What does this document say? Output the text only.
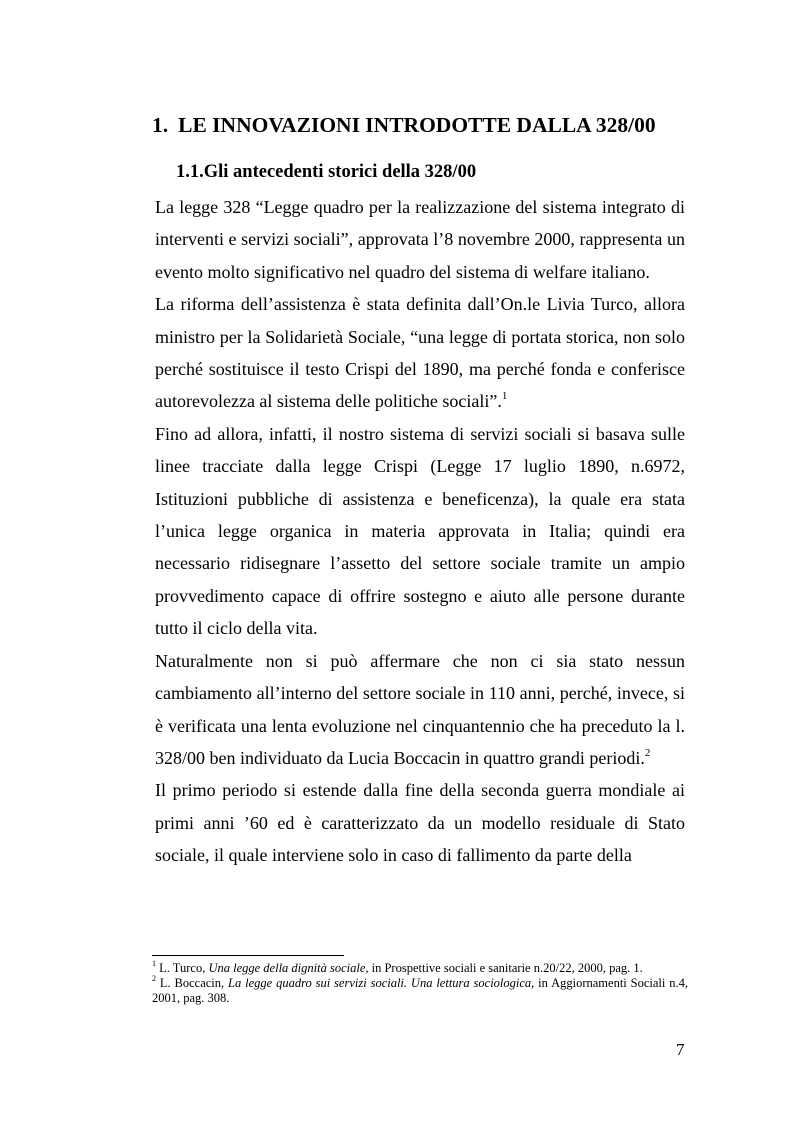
1. LE INNOVAZIONI INTRODOTTE DALLA 328/00
1.1.Gli antecedenti storici della 328/00

La legge 328 “Legge quadro per la realizzazione del sistema integrato di interventi e servizi sociali”, approvata l’8 novembre 2000, rappresenta un evento molto significativo nel quadro del sistema di welfare italiano.

La riforma dell’assistenza è stata definita dall’On.le Livia Turco, allora ministro per la Solidarietà Sociale, “una legge di portata storica, non solo perché sostituisce il testo Crispi del 1890, ma perché fonda e conferisce autorevolezza al sistema delle politiche sociali”.$^1$

Fino ad allora, infatti, il nostro sistema di servizi sociali si basava sulle linee tracciate dalla legge Crispi (Legge 17 luglio 1890, n.6972, Istituzioni pubbliche di assistenza e beneficenza), la quale era stata l’unica legge organica in materia approvata in Italia; quindi era necessario ridisegnare l’assetto del settore sociale tramite un ampio provvedimento capace di offrire sostegno e aiuto alle persone durante tutto il ciclo della vita.

Naturalmente non si può affermare che non ci sia stato nessun cambiamento all’interno del settore sociale in 110 anni, perché, invece, si è verificata una lenta evoluzione nel cinquantennio che ha preceduto la l. 328/00 ben individuato da Lucia Boccacin in quattro grandi periodi.$^2$

Il primo periodo si estende dalla fine della seconda guerra mondiale ai primi anni ’60 ed è caratterizzato da un modello residuale di Stato sociale, il quale interviene solo in caso di fallimento da parte della

$^1$ L. Turco, Una legge della dignità sociale, in Prospettive sociali e sanitarie n.20/22, 2000, pag. 1.

$^2$ L. Boccacin, La legge quadro sui servizi sociali. Una lettura sociologica, in Aggiornamenti Sociali n.4, 2001, pag. 308.

7
